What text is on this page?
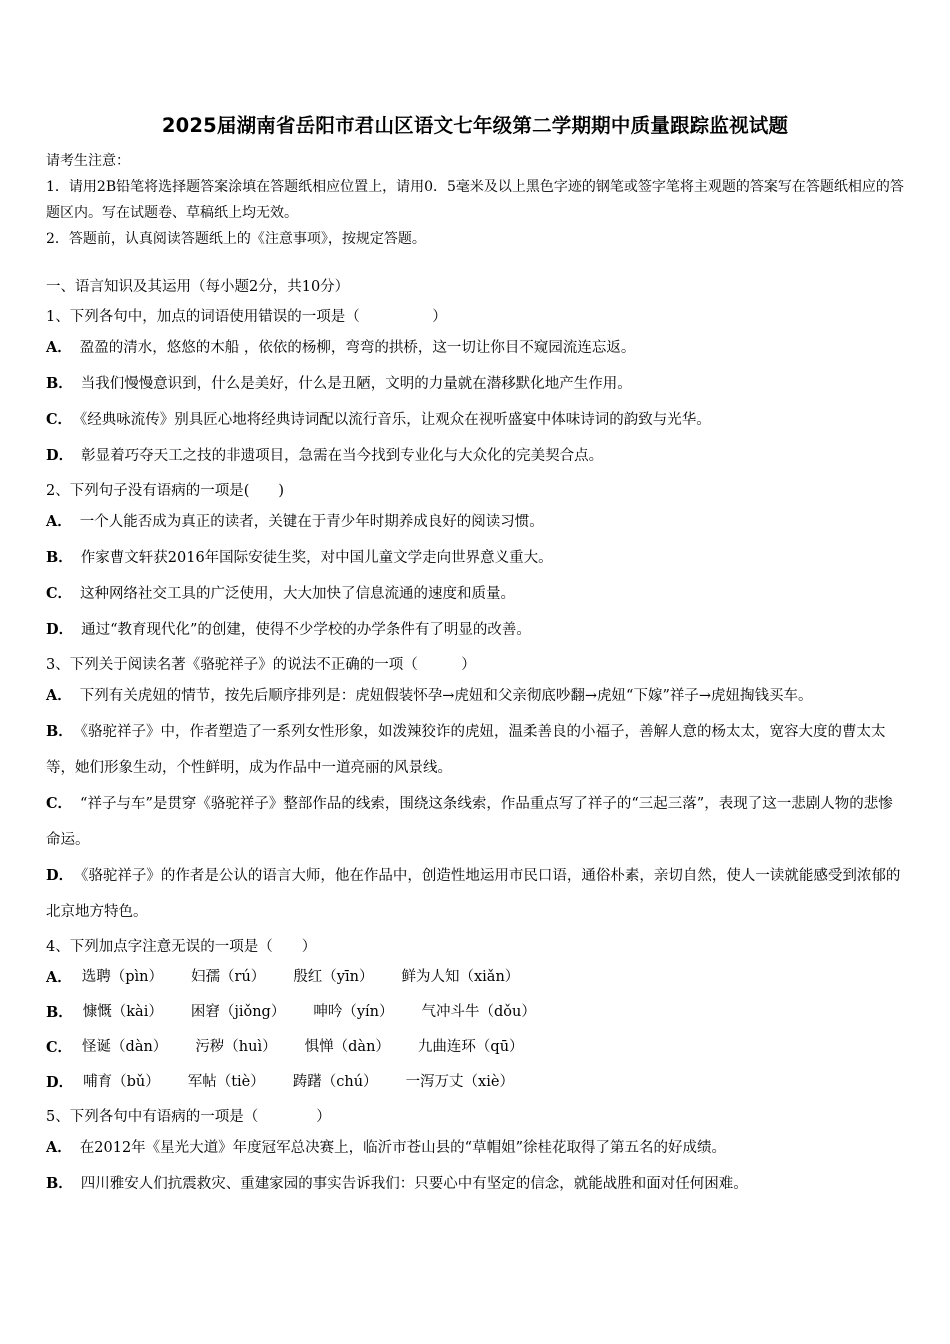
2025届湖南省岳阳市君山区语文七年级第二学期期中质量跟踪监视试题

请考生注意：

1．请用2B铅笔将选择题答案涂填在答题纸相应位置上，请用0．5毫米及以上黑色字迹的钢笔或签字笔将主观题的答案写在答题纸相应的答题区内。写在试题卷、草稿纸上均无效。

2．答题前，认真阅读答题纸上的《注意事项》，按规定答题。

一、语言知识及其运用（每小题2分，共10分）
1、下列各句中，加点的词语使用错误的一项是（　　　　　）
A． 盈盈的清水，悠悠的木船 ，依依的杨柳，弯弯的拱桥，这一切让你目不窥园流连忘返。
B． 当我们慢慢意识到，什么是美好，什么是丑陋，文明的力量就在潜移默化地产生作用。
C． 《经典咏流传》别具匠心地将经典诗词配以流行音乐，让观众在视听盛宴中体味诗词的韵致与光华。
D． 彰显着巧夺天工之技的非遗项目，急需在当今找到专业化与大众化的完美契合点。
2、下列句子没有语病的一项是(　　)
A． 一个人能否成为真正的读者，关键在于青少年时期养成良好的阅读习惯。
B． 作家曹文轩获2016年国际安徒生奖，对中国儿童文学走向世界意义重大。
C． 这种网络社交工具的广泛使用，大大加快了信息流通的速度和质量。
D． 通过“教育现代化”的创建，使得不少学校的办学条件有了明显的改善。
3、下列关于阅读名著《骆驼祥子》的说法不正确的一项（　　　）
A． 下列有关虎妞的情节，按先后顺序排列是：虎妞假装怀孕→虎妞和父亲彻底吵翻→虎妞“下嫁”祥子→虎妞掏钱买车。
B． 《骆驼祥子》中，作者塑造了一系列女性形象，如泼辣狡诈的虎妞，温柔善良的小福子，善解人意的杨太太，宽容大度的曹太太等，她们形象生动，个性鲜明，成为作品中一道亮丽的风景线。
C． “祥子与车”是贯穿《骆驼祥子》整部作品的线索，围绕这条线索，作品重点写了祥子的“三起三落”，表现了这一悲剧人物的悲惨命运。
D． 《骆驼祥子》的作者是公认的语言大师，他在作品中，创造性地运用市民口语，通俗朴素，亲切自然，使人一读就能感受到浓郁的北京地方特色。
4、下列加点字注意无误的一项是（　　）
A． 选聘（pìn） 妇孺（rú） 殷红（yīn） 鲜为人知（xiǎn）
B． 慷慨（kài） 困窘（jiǒng） 呻吟（yín） 气冲斗牛（dǒu）
C． 怪诞（dàn） 污秽（huì） 惧惮（dàn） 九曲连环（qū）
D． 哺育（bǔ） 军帖（tiè） 踌躇（chú） 一泻万丈（xiè）
5、下列各句中有语病的一项是（　　　　）
A． 在2012年《星光大道》年度冠军总决赛上，临沂市苍山县的“草帽姐”徐桂花取得了第五名的好成绩。
B． 四川雅安人们抗震救灾、重建家园的事实告诉我们：只要心中有坚定的信念，就能战胜和面对任何困难。
